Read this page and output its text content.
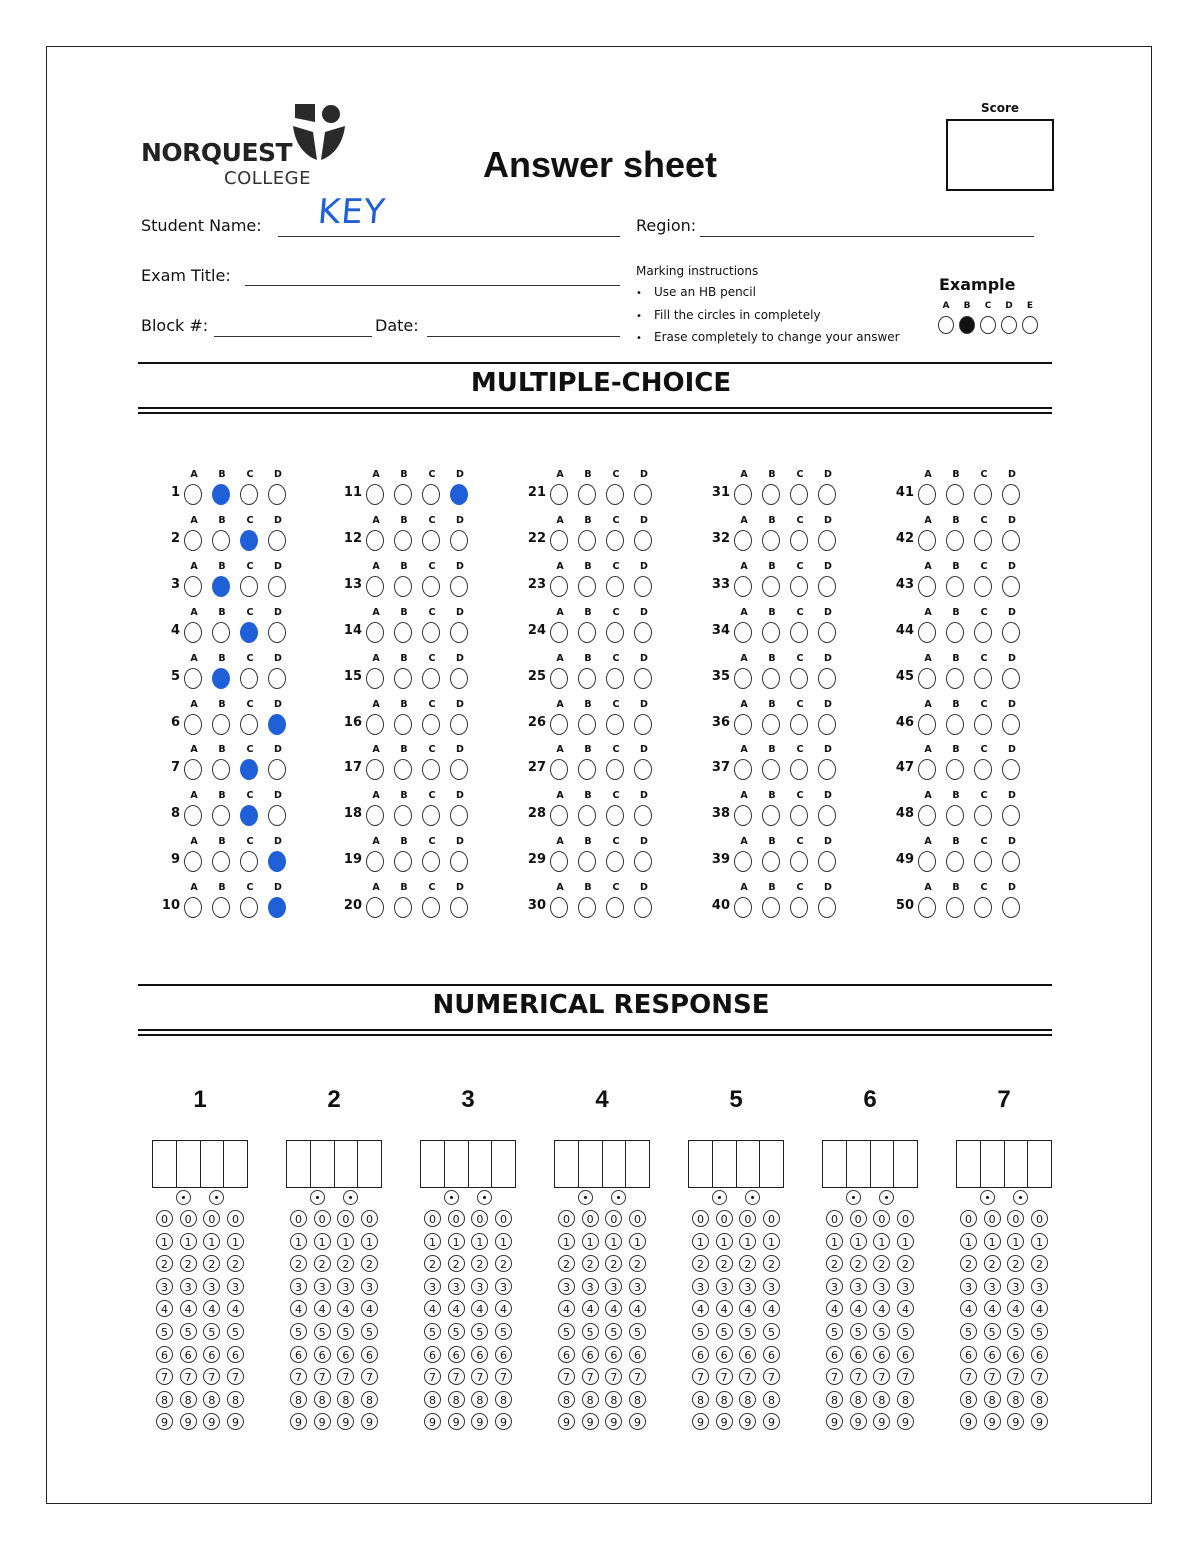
NORQUEST
COLLEGE	Answer sheet
Score
Student Name: KEY	Region:
Exam Title:
Block #:	Date:
Marking instructions
• Use an HB pencil
• Fill the circles in completely
• Erase completely to change your answer
Example
A	B	C	D	E
MULTIPLE-CHOICE
1
A	B	C	D
2
A	B	C	D
3
A	B	C	D
4
A	B	C	D
5
A	B	C	D
6
A	B	C	D
7
A	B	C	D
8
A	B	C	D
9
A	B	C	D
10
A	B	C	D
11
A	B	C	D
12
A	B	C	D
13
A	B	C	D
14
A	B	C	D
15
A	B	C	D
16
A	B	C	D
17
A	B	C	D
18
A	B	C	D
19
A	B	C	D
20
A	B	C	D
21
A	B	C	D
22
A	B	C	D
23
A	B	C	D
24
A	B	C	D
25
A	B	C	D
26
A	B	C	D
27
A	B	C	D
28
A	B	C	D
29
A	B	C	D
30
A	B	C	D
31
A	B	C	D
32
A	B	C	D
33
A	B	C	D
34
A	B	C	D
35
A	B	C	D
36
A	B	C	D
37
A	B	C	D
38
A	B	C	D
39
A	B	C	D
40
A	B	C	D
41
A	B	C	D
42
A	B	C	D
43
A	B	C	D
44
A	B	C	D
45
A	B	C	D
46
A	B	C	D
47
A	B	C	D
48
A	B	C	D
49
A	B	C	D
50
A	B	C	D
NUMERICAL RESPONSE
1
0	0	0	0
1	1	1	1
2	2	2	2
3	3	3	3
4	4	4	4
5	5	5	5
6	6	6	6
7	7	7	7
8	8	8	8
9	9	9	9
2
0	0	0	0
1	1	1	1
2	2	2	2
3	3	3	3
4	4	4	4
5	5	5	5
6	6	6	6
7	7	7	7
8	8	8	8
9	9	9	9
3
0	0	0	0
1	1	1	1
2	2	2	2
3	3	3	3
4	4	4	4
5	5	5	5
6	6	6	6
7	7	7	7
8	8	8	8
9	9	9	9
4
0	0	0	0
1	1	1	1
2	2	2	2
3	3	3	3
4	4	4	4
5	5	5	5
6	6	6	6
7	7	7	7
8	8	8	8
9	9	9	9
5
0	0	0	0
1	1	1	1
2	2	2	2
3	3	3	3
4	4	4	4
5	5	5	5
6	6	6	6
7	7	7	7
8	8	8	8
9	9	9	9
6
0	0	0	0
1	1	1	1
2	2	2	2
3	3	3	3
4	4	4	4
5	5	5	5
6	6	6	6
7	7	7	7
8	8	8	8
9	9	9	9
7
0	0	0	0
1	1	1	1
2	2	2	2
3	3	3	3
4	4	4	4
5	5	5	5
6	6	6	6
7	7	7	7
8	8	8	8
9	9	9	9
